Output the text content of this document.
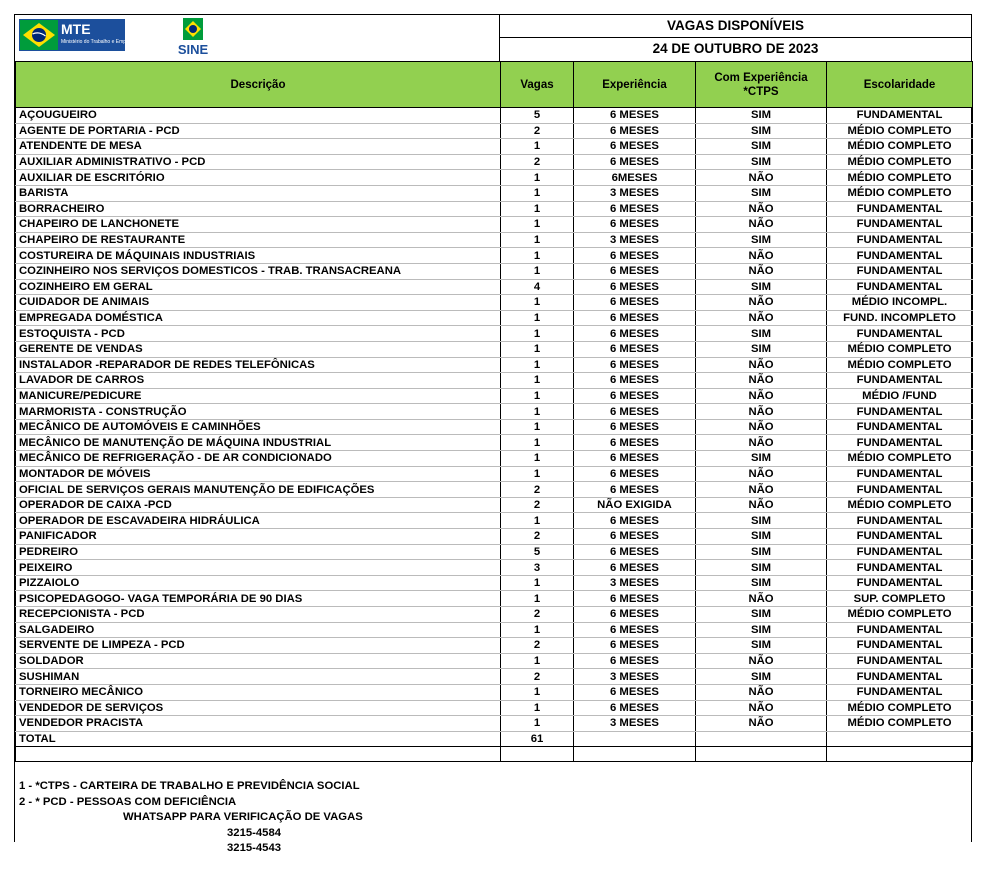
MTE
Ministério do Trabalho e Emprego	SINE
VAGAS DISPONÍVEIS
24 DE OUTUBRO DE 2023
Descrição	Vagas	Experiência	Com Experiência *CTPS	Escolaridade
AÇOUGUEIRO	5	6 MESES	SIM	FUNDAMENTAL
AGENTE DE PORTARIA - PCD	2	6 MESES	SIM	MÉDIO COMPLETO
ATENDENTE DE MESA	1	6 MESES	SIM	MÉDIO COMPLETO
AUXILIAR ADMINISTRATIVO - PCD	2	6 MESES	SIM	MÉDIO COMPLETO
AUXILIAR DE ESCRITÓRIO	1	6MESES	NÃO	MÉDIO COMPLETO
BARISTA	1	3 MESES	SIM	MÉDIO COMPLETO
BORRACHEIRO	1	6 MESES	NÃO	FUNDAMENTAL
CHAPEIRO DE LANCHONETE	1	6 MESES	NÃO	FUNDAMENTAL
CHAPEIRO DE RESTAURANTE	1	3 MESES	SIM	FUNDAMENTAL
COSTUREIRA DE MÁQUINAIS INDUSTRIAIS	1	6 MESES	NÃO	FUNDAMENTAL
COZINHEIRO NOS SERVIÇOS DOMESTICOS - TRAB. TRANSACREANA	1	6 MESES	NÃO	FUNDAMENTAL
COZINHEIRO EM GERAL	4	6 MESES	SIM	FUNDAMENTAL
CUIDADOR DE ANIMAIS	1	6 MESES	NÃO	MÉDIO INCOMPL.
EMPREGADA DOMÉSTICA	1	6 MESES	NÃO	FUND. INCOMPLETO
ESTOQUISTA - PCD	1	6 MESES	SIM	FUNDAMENTAL
GERENTE DE VENDAS	1	6 MESES	SIM	MÉDIO COMPLETO
INSTALADOR -REPARADOR DE REDES TELEFÔNICAS	1	6 MESES	NÃO	MÉDIO COMPLETO
LAVADOR DE CARROS	1	6 MESES	NÃO	FUNDAMENTAL
MANICURE/PEDICURE	1	6 MESES	NÃO	MÉDIO /FUND
MARMORISTA - CONSTRUÇÃO	1	6 MESES	NÃO	FUNDAMENTAL
MECÂNICO DE AUTOMÓVEIS E CAMINHÕES	1	6 MESES	NÃO	FUNDAMENTAL
MECÂNICO DE MANUTENÇÃO DE MÁQUINA INDUSTRIAL	1	6 MESES	NÃO	FUNDAMENTAL
MECÂNICO DE REFRIGERAÇÃO - DE AR CONDICIONADO	1	6 MESES	SIM	MÉDIO COMPLETO
MONTADOR DE MÓVEIS	1	6 MESES	NÃO	FUNDAMENTAL
OFICIAL DE SERVIÇOS GERAIS MANUTENÇÃO DE EDIFICAÇÕES	2	6 MESES	NÃO	FUNDAMENTAL
OPERADOR DE CAIXA -PCD	2	NÃO EXIGIDA	NÃO	MÉDIO COMPLETO
OPERADOR DE ESCAVADEIRA HIDRÁULICA	1	6 MESES	SIM	FUNDAMENTAL
PANIFICADOR	2	6 MESES	SIM	FUNDAMENTAL
PEDREIRO	5	6 MESES	SIM	FUNDAMENTAL
PEIXEIRO	3	6 MESES	SIM	FUNDAMENTAL
PIZZAIOLO	1	3 MESES	SIM	FUNDAMENTAL
PSICOPEDAGOGO- VAGA TEMPORÁRIA DE 90 DIAS	1	6 MESES	NÃO	SUP. COMPLETO
RECEPCIONISTA - PCD	2	6 MESES	SIM	MÉDIO COMPLETO
SALGADEIRO	1	6 MESES	SIM	FUNDAMENTAL
SERVENTE DE LIMPEZA - PCD	2	6 MESES	SIM	FUNDAMENTAL
SOLDADOR	1	6 MESES	NÃO	FUNDAMENTAL
SUSHIMAN	2	3 MESES	SIM	FUNDAMENTAL
TORNEIRO MECÂNICO	1	6 MESES	NÃO	FUNDAMENTAL
VENDEDOR DE SERVIÇOS	1	6 MESES	NÃO	MÉDIO COMPLETO
VENDEDOR PRACISTA	1	3 MESES	NÃO	MÉDIO COMPLETO
TOTAL	61			

1 - *CTPS - CARTEIRA DE TRABALHO E PREVIDÊNCIA SOCIAL
2 - * PCD - PESSOAS COM DEFICIÊNCIA
WHATSAPP PARA VERIFICAÇÃO DE VAGAS
3215-4584
3215-4543
